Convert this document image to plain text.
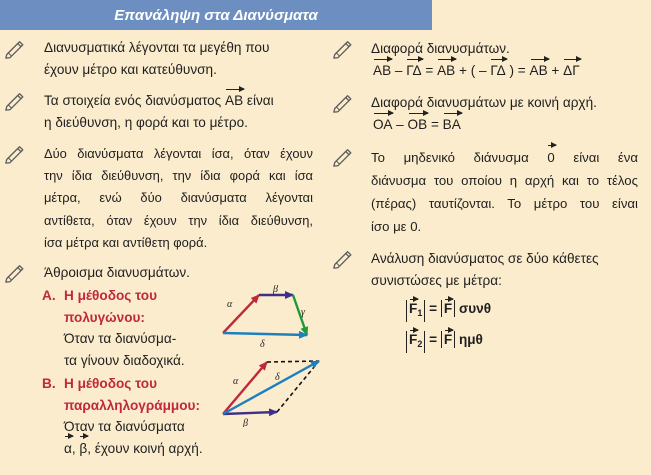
Επανάληψη στα Διανύσματα
Διανυσματικά λέγονται τα μεγέθη που
έχουν μέτρο και κατεύθυνση.
Τα στοιχεία ενός διανύσματος ΑΒ είναι
η διεύθυνση, η φορά και το μέτρο.
Δύο διανύσματα λέγονται ίσα, όταν έχουν
την ίδια διεύθυνση, την ίδια φορά και ίσα
μέτρα, ενώ δύο διανύσματα λέγονται
αντίθετα, όταν έχουν την ίδια διεύθυνση,
ίσα μέτρα και αντίθετη φορά.
Άθροισμα διανυσμάτων.
Α. Η μέθοδος του
πολυγώνου:
Όταν τα διανύσμα-
τα γίνουν διαδοχικά.
Β. Η μέθοδος του
παραλληλογράμμου:
Όταν τα διανύσματα
α, β, έχουν κοινή αρχή.
α
β
γ
δ
α	δ
β
Διαφορά διανυσμάτων.
ΑΒ – ΓΔ = ΑΒ + ( – ΓΔ ) = ΑΒ + ΔΓ
Διαφορά διανυσμάτων με κοινή αρχή.
ΟΑ – ΟΒ = ΒΑ
Το μηδενικό διάνυσμα 0 είναι ένα
διάνυσμα του οποίου η αρχή και το τέλος
(πέρας) ταυτίζονται. Το μέτρο του είναι
ίσο με 0.
Ανάλυση διανύσματος σε δύο κάθετες
συνιστώσες με μέτρα:
$F_1 = F$ συνθ
$F_2 = F$ ημθ
